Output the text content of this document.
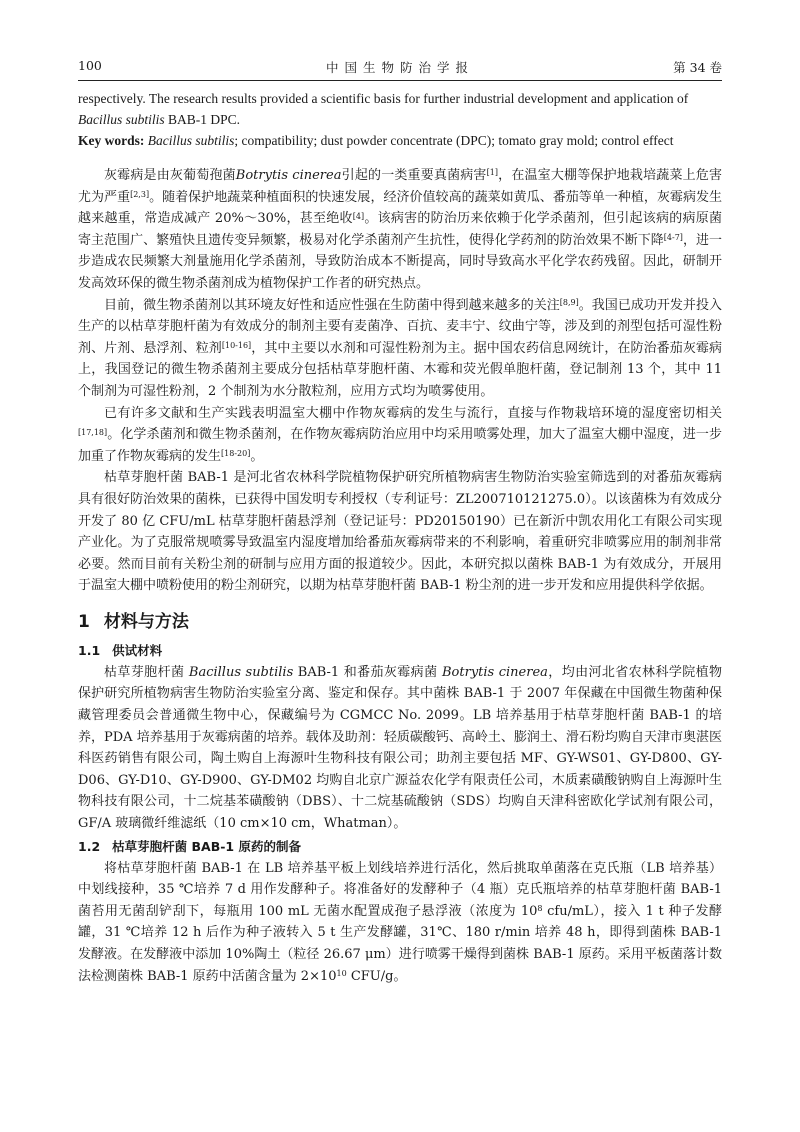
100	中国生物防治学报	第 34 卷

respectively. The research results provided a scientific basis for further industrial development and application of
Bacillus subtilis BAB-1 DPC.

Key words: Bacillus subtilis; compatibility; dust powder concentrate (DPC); tomato gray mold; control effect

灰霉病是由灰葡萄孢菌Botrytis cinerea引起的一类重要真菌病害[1]，在温室大棚等保护地栽培蔬菜上危害尤为严重[2,3]。随着保护地蔬菜种植面积的快速发展，经济价值较高的蔬菜如黄瓜、番茄等单一种植，灰霉病发生越来越重，常造成减产 20%～30%，甚至绝收[4]。该病害的防治历来依赖于化学杀菌剂，但引起该病的病原菌寄主范围广、繁殖快且遗传变异频繁，极易对化学杀菌剂产生抗性，使得化学药剂的防治效果不断下降[4-7]，进一步造成农民频繁大剂量施用化学杀菌剂，导致防治成本不断提高，同时导致高水平化学农药残留。因此，研制开发高效环保的微生物杀菌剂成为植物保护工作者的研究热点。

目前，微生物杀菌剂以其环境友好性和适应性强在生防菌中得到越来越多的关注[8,9]。我国已成功开发并投入生产的以枯草芽胞杆菌为有效成分的制剂主要有麦菌净、百抗、麦丰宁、纹曲宁等，涉及到的剂型包括可湿性粉剂、片剂、悬浮剂、粒剂[10-16]，其中主要以水剂和可湿性粉剂为主。据中国农药信息网统计，在防治番茄灰霉病上，我国登记的微生物杀菌剂主要成分包括枯草芽胞杆菌、木霉和荧光假单胞杆菌，登记制剂 13 个，其中 11 个制剂为可湿性粉剂，2 个制剂为水分散粒剂，应用方式均为喷雾使用。

已有许多文献和生产实践表明温室大棚中作物灰霉病的发生与流行，直接与作物栽培环境的湿度密切相关[17,18]。化学杀菌剂和微生物杀菌剂，在作物灰霉病防治应用中均采用喷雾处理，加大了温室大棚中湿度，进一步加重了作物灰霉病的发生[18-20]。

枯草芽胞杆菌 BAB-1 是河北省农林科学院植物保护研究所植物病害生物防治实验室筛选到的对番茄灰霉病具有很好防治效果的菌株，已获得中国发明专利授权（专利证号：ZL200710121275.0）。以该菌株为有效成分开发了 80 亿 CFU/mL 枯草芽胞杆菌悬浮剂（登记证号：PD20150190）已在新沂中凯农用化工有限公司实现产业化。为了克服常规喷雾导致温室内湿度增加给番茄灰霉病带来的不利影响，着重研究非喷雾应用的制剂非常必要。然而目前有关粉尘剂的研制与应用方面的报道较少。因此，本研究拟以菌株 BAB-1 为有效成分，开展用于温室大棚中喷粉使用的粉尘剂研究，以期为枯草芽胞杆菌 BAB-1 粉尘剂的进一步开发和应用提供科学依据。

1 材料与方法
1.1 供试材料

枯草芽胞杆菌 Bacillus subtilis BAB-1 和番茄灰霉病菌 Botrytis cinerea，均由河北省农林科学院植物保护研究所植物病害生物防治实验室分离、鉴定和保存。其中菌株 BAB-1 于 2007 年保藏在中国微生物菌种保藏管理委员会普通微生物中心，保藏编号为 CGMCC No. 2099。LB 培养基用于枯草芽胞杆菌 BAB-1 的培养，PDA 培养基用于灰霉病菌的培养。载体及助剂：轻质碳酸钙、高岭土、膨润土、滑石粉均购自天津市奥湛医科医药销售有限公司，陶土购自上海源叶生物科技有限公司；助剂主要包括 MF、GY-WS01、GY-D800、GY-D06、GY-D10、GY-D900、GY-DM02 均购自北京广源益农化学有限责任公司，木质素磺酸钠购自上海源叶生物科技有限公司，十二烷基苯磺酸钠（DBS）、十二烷基硫酸钠（SDS）均购自天津科密欧化学试剂有限公司，GF/A 玻璃微纤维滤纸（10 cm×10 cm，Whatman）。

1.2 枯草芽胞杆菌 BAB-1 原药的制备

将枯草芽胞杆菌 BAB-1 在 LB 培养基平板上划线培养进行活化，然后挑取单菌落在克氏瓶（LB 培养基）中划线接种，35 ℃培养 7 d 用作发酵种子。将准备好的发酵种子（4 瓶）克氏瓶培养的枯草芽胞杆菌 BAB-1 菌苔用无菌刮铲刮下，每瓶用 100 mL 无菌水配置成孢子悬浮液（浓度为 $10^8$ cfu/mL），接入 1 t 种子发酵罐，31 ℃培养 12 h 后作为种子液转入 5 t 生产发酵罐，31℃、180 r/min 培养 48 h，即得到菌株 BAB-1 发酵液。在发酵液中添加 10%陶土（粒径 26.67 μm）进行喷雾干燥得到菌株 BAB-1 原药。采用平板菌落计数法检测菌株 BAB-1 原药中活菌含量为 $2\times 10^{10}$ CFU/g。
